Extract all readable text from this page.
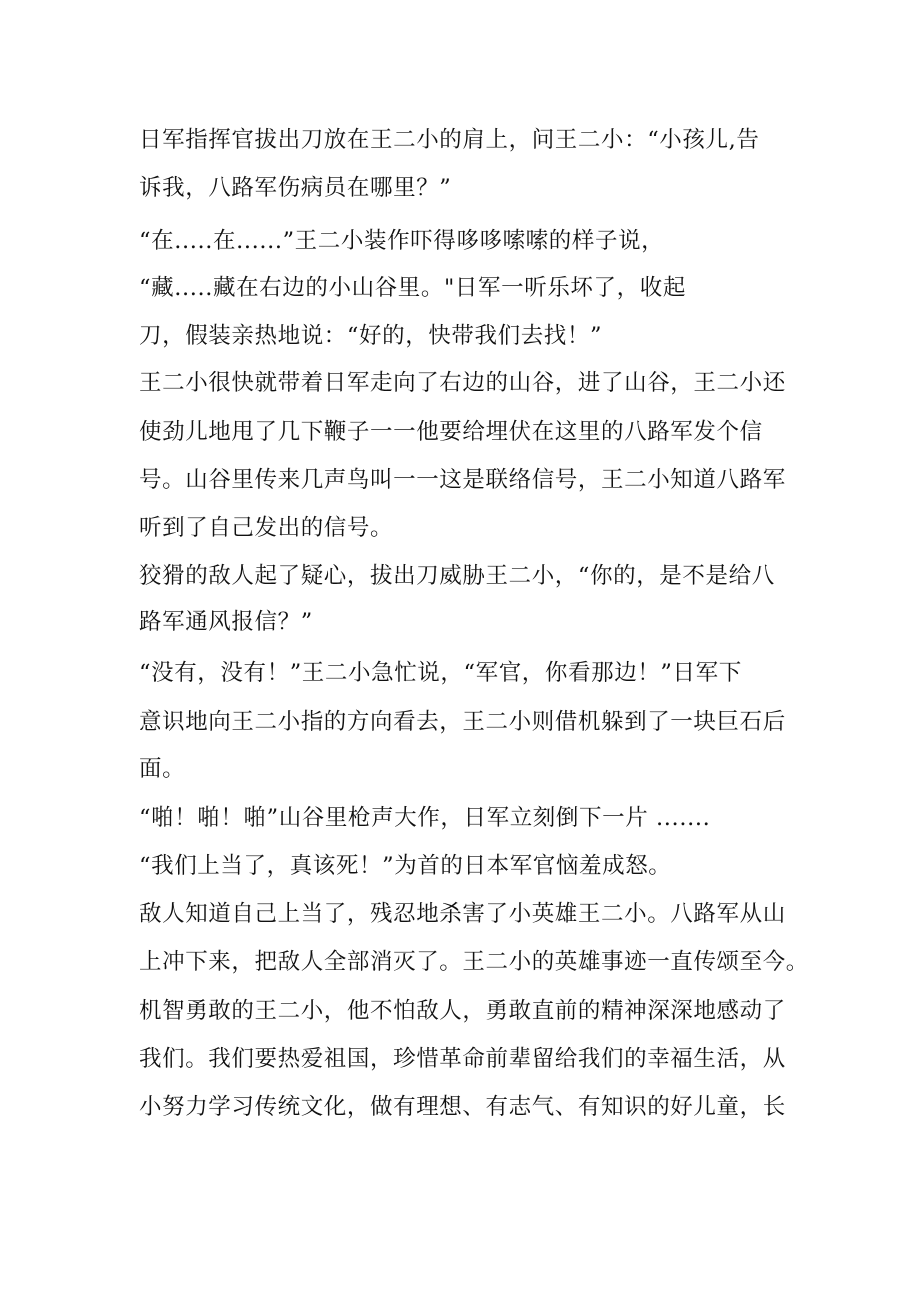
日军指挥官拔出刀放在王二小的肩上，问王二小：“小孩儿,告
诉我，八路军伤病员在哪里？”
“在.....在......”王二小装作吓得哆哆嗦嗦的样子说，
“藏.....藏在右边的小山谷里。"日军一听乐坏了，收起
刀，假装亲热地说：“好的，快带我们去找！”
王二小很快就带着日军走向了右边的山谷，进了山谷，王二小还
使劲儿地甩了几下鞭子一一他要给埋伏在这里的八路军发个信
号。山谷里传来几声鸟叫一一这是联络信号，王二小知道八路军
听到了自己发出的信号。
狡猾的敌人起了疑心，拔出刀威胁王二小，“你的，是不是给八
路军通风报信？”
“没有，没有！”王二小急忙说，“军官，你看那边！”日军下
意识地向王二小指的方向看去，王二小则借机躲到了一块巨石后
面。
“啪！啪！啪”山谷里枪声大作，日军立刻倒下一片 .......
“我们上当了，真该死！”为首的日本军官恼羞成怒。
敌人知道自己上当了，残忍地杀害了小英雄王二小。八路军从山
上冲下来，把敌人全部消灭了。王二小的英雄事迹一直传颂至今。
机智勇敢的王二小，他不怕敌人，勇敢直前的精神深深地感动了
我们。我们要热爱祖国，珍惜革命前辈留给我们的幸福生活，从
小努力学习传统文化，做有理想、有志气、有知识的好儿童，长
